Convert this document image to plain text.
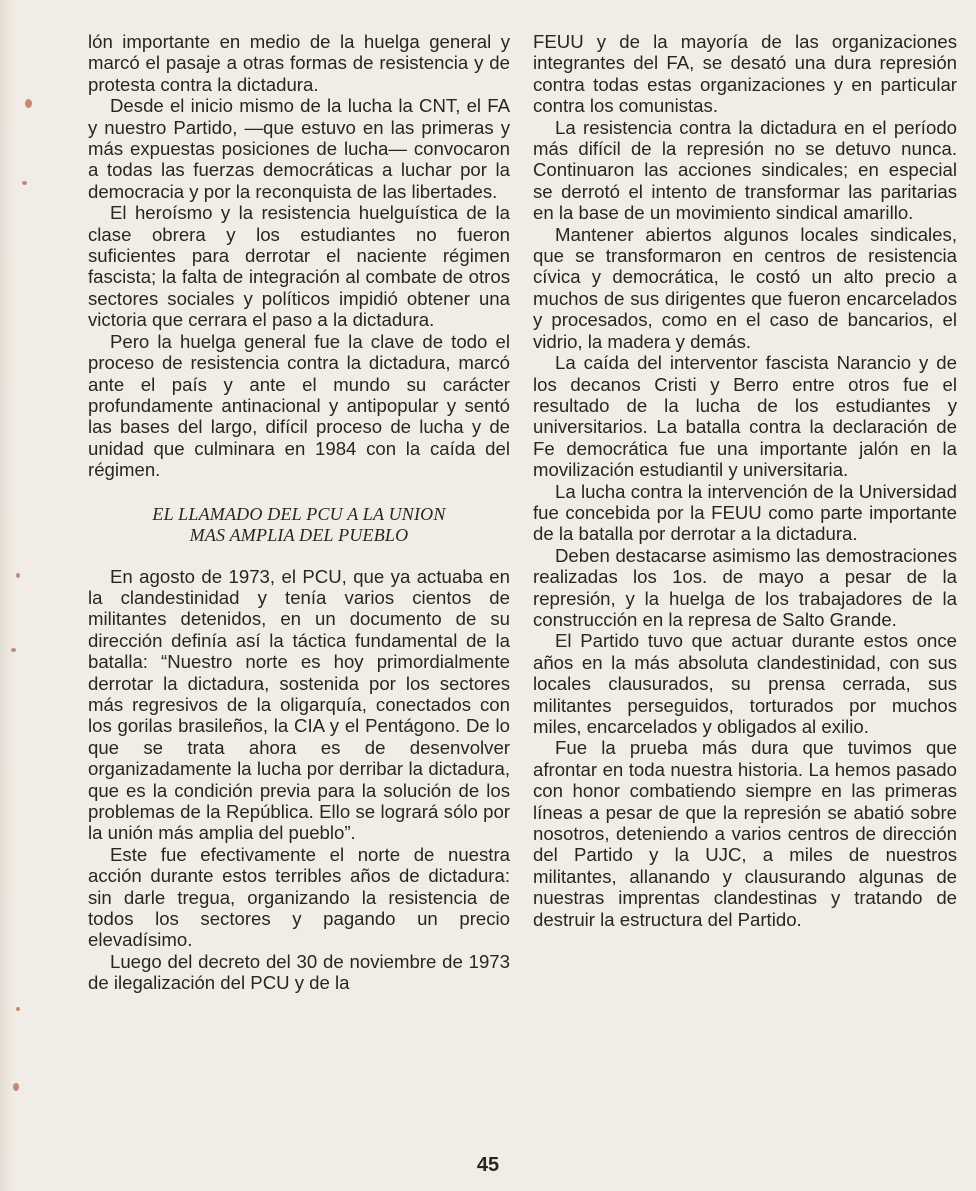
lón importante en medio de la huelga general y marcó el pasaje a otras formas de resistencia y de protesta contra la dictadura.

Desde el inicio mismo de la lucha la CNT, el FA y nuestro Partido, —que estuvo en las primeras y más expuestas posiciones de lucha— convocaron a todas las fuerzas democráticas a luchar por la democracia y por la reconquista de las libertades.

El heroísmo y la resistencia huelguística de la clase obrera y los estudiantes no fueron suficientes para derrotar el naciente régimen fascista; la falta de integración al combate de otros sectores sociales y políticos impidió obtener una victoria que cerrara el paso a la dictadura.

Pero la huelga general fue la clave de todo el proceso de resistencia contra la dictadura, marcó ante el país y ante el mundo su carácter profundamente antinacional y antipopular y sentó las bases del largo, difícil proceso de lucha y de unidad que culminara en 1984 con la caída del régimen.

EL LLAMADO DEL PCU A LA UNION
MAS AMPLIA DEL PUEBLO

En agosto de 1973, el PCU, que ya actuaba en la clandestinidad y tenía varios cientos de militantes detenidos, en un documento de su dirección definía así la táctica fundamental de la batalla: “Nuestro norte es hoy primordialmente derrotar la dictadura, sostenida por los sectores más regresivos de la oligarquía, conectados con los gorilas brasileños, la CIA y el Pentágono. De lo que se trata ahora es de desenvolver organizadamente la lucha por derribar la dictadura, que es la condición previa para la solución de los problemas de la República. Ello se logrará sólo por la unión más amplia del pueblo”.

Este fue efectivamente el norte de nuestra acción durante estos terribles años de dictadura: sin darle tregua, organizando la resistencia de todos los sectores y pagando un precio elevadísimo.

Luego del decreto del 30 de noviembre de 1973 de ilegalización del PCU y de la

FEUU y de la mayoría de las organizaciones integrantes del FA, se desató una dura represión contra todas estas organizaciones y en particular contra los comunistas.

La resistencia contra la dictadura en el período más difícil de la represión no se detuvo nunca. Continuaron las acciones sindicales; en especial se derrotó el intento de transformar las paritarias en la base de un movimiento sindical amarillo.

Mantener abiertos algunos locales sindicales, que se transformaron en centros de resistencia cívica y democrática, le costó un alto precio a muchos de sus dirigentes que fueron encarcelados y procesados, como en el caso de bancarios, el vidrio, la madera y demás.

La caída del interventor fascista Narancio y de los decanos Cristi y Berro entre otros fue el resultado de la lucha de los estudiantes y universitarios. La batalla contra la declaración de Fe democrática fue una importante jalón en la movilización estudiantil y universitaria.

La lucha contra la intervención de la Universidad fue concebida por la FEUU como parte importante de la batalla por derrotar a la dictadura.

Deben destacarse asimismo las demostraciones realizadas los 1os. de mayo a pesar de la represión, y la huelga de los trabajadores de la construcción en la represa de Salto Grande.

El Partido tuvo que actuar durante estos once años en la más absoluta clandestinidad, con sus locales clausurados, su prensa cerrada, sus militantes perseguidos, torturados por muchos miles, encarcelados y obligados al exilio.

Fue la prueba más dura que tuvimos que afrontar en toda nuestra historia. La hemos pasado con honor combatiendo siempre en las primeras líneas a pesar de que la represión se abatió sobre nosotros, deteniendo a varios centros de dirección del Partido y la UJC, a miles de nuestros militantes, allanando y clausurando algunas de nuestras imprentas clandestinas y tratando de destruir la estructura del Partido.

45
